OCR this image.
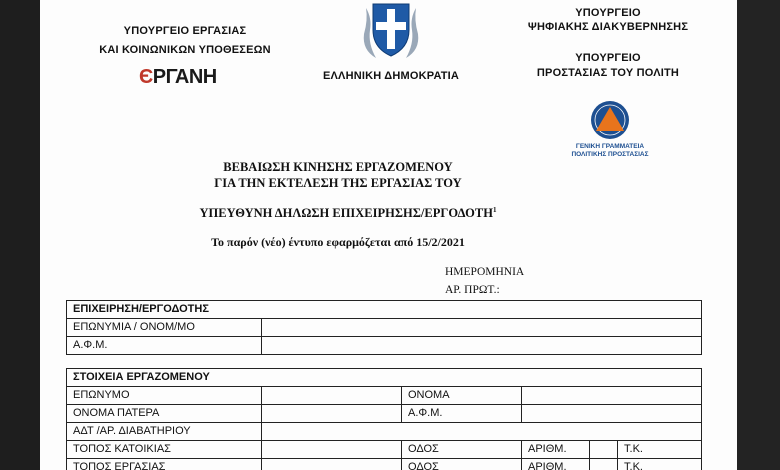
ΥΠΟΥΡΓΕΙΟ ΕΡΓΑΣΙΑΣ
ΚΑΙ ΚΟΙΝΩΝΙΚΩΝ ΥΠΟΘΕΣΕΩΝ
ЄΡΓΑΝΗ	ΕΛΛΗΝΙΚΗ ΔΗΜΟΚΡΑΤΙΑ
ΥΠΟΥΡΓΕΙΟ
ΨΗΦΙΑΚΗΣ ΔΙΑΚΥΒΕΡΝΗΣΗΣ
ΥΠΟΥΡΓΕΙΟ
ΠΡΟΣΤΑΣΙΑΣ ΤΟΥ ΠΟΛΙΤΗ
ΓΕΝΙΚΗ ΓΡΑΜΜΑΤΕΙΑ
ΠΟΛΙΤΙΚΗΣ ΠΡΟΣΤΑΣΙΑΣ
ΒΕΒΑΙΩΣΗ ΚΙΝΗΣΗΣ ΕΡΓΑΖΟΜΕΝΟΥ
ΓΙΑ ΤΗΝ ΕΚΤΕΛΕΣΗ ΤΗΣ ΕΡΓΑΣΙΑΣ ΤΟΥ
ΥΠΕΥΘΥΝΗ ΔΗΛΩΣΗ ΕΠΙΧΕΙΡΗΣΗΣ/ΕΡΓΟΔΟΤΗ$^1$
Το παρόν (νέο) έντυπο εφαρμόζεται από 15/2/2021
ΗΜΕΡΟΜΗΝΙΑ
ΑΡ. ΠΡΩΤ.:
ΕΠΙΧΕΙΡΗΣΗ/ΕΡΓΟΔΟΤΗΣ	
ΕΠΩΝΥΜΙΑ / ΟΝΟΜ/ΜΟ	
Α.Φ.Μ.	
ΣΤΟΙΧΕΙΑ ΕΡΓΑΖΟΜΕΝΟΥ					
ΕΠΩΝΥΜΟ		ΟΝΟΜΑ			
ΟΝΟΜΑ ΠΑΤΕΡΑ		Α.Φ.Μ.			
ΑΔΤ /ΑΡ. ΔΙΑΒΑΤΗΡΙΟΥ					
ΤΟΠΟΣ ΚΑΤΟΙΚΙΑΣ		ΟΔΟΣ	ΑΡΙΘΜ.		Τ.Κ.
ΤΟΠΟΣ ΕΡΓΑΣΙΑΣ		ΟΔΟΣ	ΑΡΙΘΜ.		Τ.Κ.
